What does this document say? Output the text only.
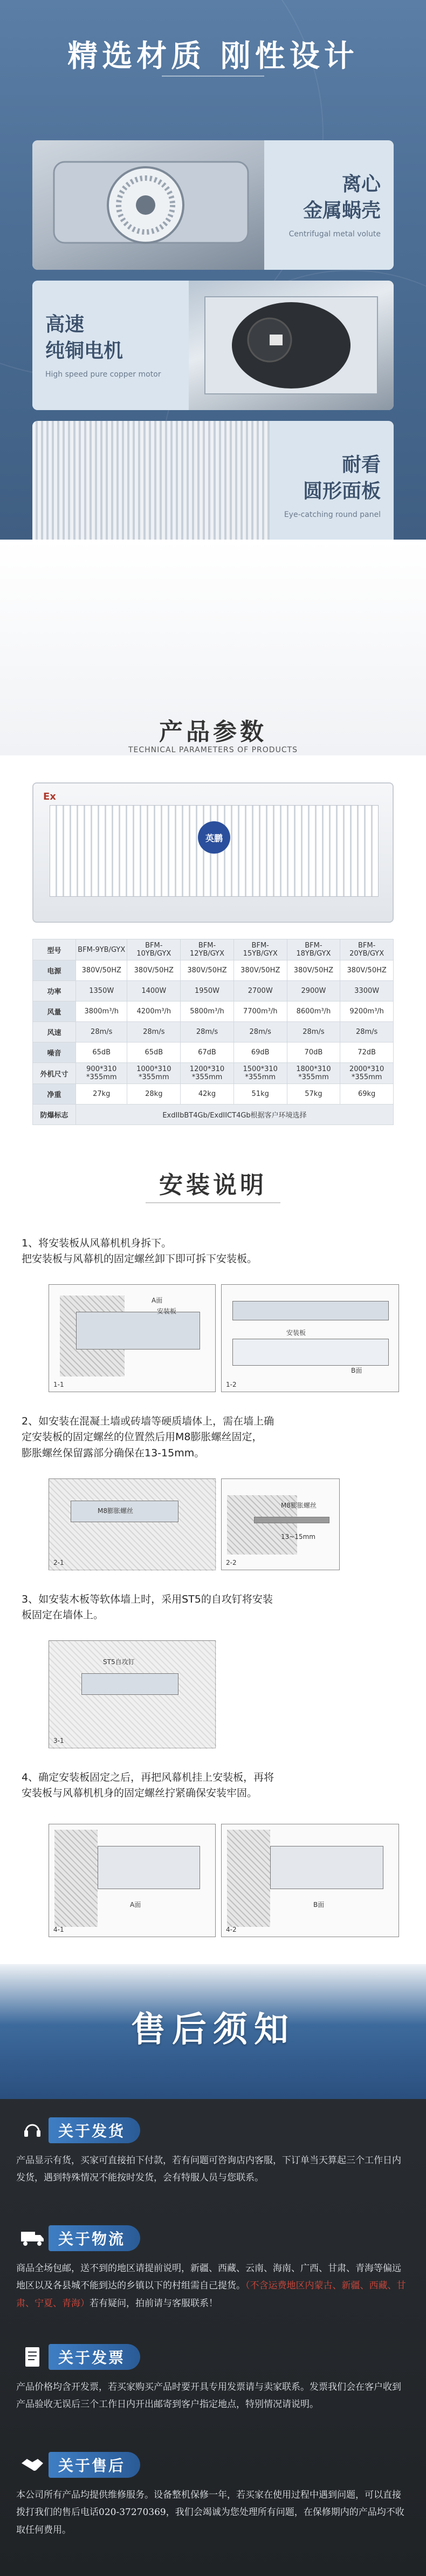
精选材质 刚性设计
离心
金属蜗壳
Centrifugal metal volute
高速
纯铜电机
High speed pure copper motor
耐看
圆形面板
Eye-catching round panel
产品参数
TECHNICAL PARAMETERS OF PRODUCTS
Ex
英鹏
型号	BFM-9YB/GYX	BFM-10YB/GYX	BFM-12YB/GYX	BFM-15YB/GYX	BFM-18YB/GYX	BFM-20YB/GYX
电源	380V/50HZ	380V/50HZ	380V/50HZ	380V/50HZ	380V/50HZ	380V/50HZ
功率	1350W	1400W	1950W	2700W	2900W	3300W
风量	3800m³/h	4200m³/h	5800m³/h	7700m³/h	8600m³/h	9200m³/h
风速	28m/s	28m/s	28m/s	28m/s	28m/s	28m/s
噪音	65dB	65dB	67dB	69dB	70dB	72dB
外机尺寸	900*310 *355mm	1000*310 *355mm	1200*310 *355mm	1500*310 *355mm	1800*310 *355mm	2000*310 *355mm
净重	27kg	28kg	42kg	51kg	57kg	69kg
防爆标志	ExdIIbBT4Gb/ExdIICT4Gb根据客户环境选择					
安装说明
1、将安装板从风幕机机身拆下。
把安装板与风幕机的固定螺丝卸下即可拆下安装板。
A面
安装板
1-1
安装板
B面
1-2
2、如安装在混凝土墙或砖墙等硬质墙体上，需在墙上确
定安装板的固定螺丝的位置然后用M8膨胀螺丝固定，
膨胀螺丝保留露部分确保在13-15mm。
M8膨胀螺丝
2-1
M8膨胀螺丝
13~15mm
2-2
3、如安装木板等软体墙上时，采用ST5的自攻钉将安装
板固定在墙体上。
ST5自攻钉
3-1
4、确定安装板固定之后，再把风幕机挂上安装板，再将
安装板与风幕机机身的固定螺丝拧紧确保安装牢固。
A面
4-1
B面
4-2
售后须知
关于发货
产品显示有货，买家可直接拍下付款，若有问题可咨询店内客服，下订单当天算起三个工作日内发货，遇到特殊情况不能按时发货，会有特服人员与您联系。
关于物流
商品全场包邮，送不到的地区请提前说明，新疆、西藏、云南、海南、广西、甘肃、青海等偏远地区以及各县城不能到达的乡镇以下的村组需自己提货。（不含运费地区内蒙古、新疆、西藏、甘肃、宁夏、青海）若有疑问，拍前请与客服联系！
关于发票
产品价格均含开发票，若买家购买产品时要开具专用发票请与卖家联系。发票我们会在客户收到产品验收无误后三个工作日内开出邮寄到客户指定地点，特别情况请说明。
关于售后
本公司所有产品均提供维修服务。设备整机保修一年，若买家在使用过程中遇到问题，可以直接拨打我们的售后电话020-37270369，我们会竭诚为您处理所有问题，在保修期内的产品均不收取任何费用。
